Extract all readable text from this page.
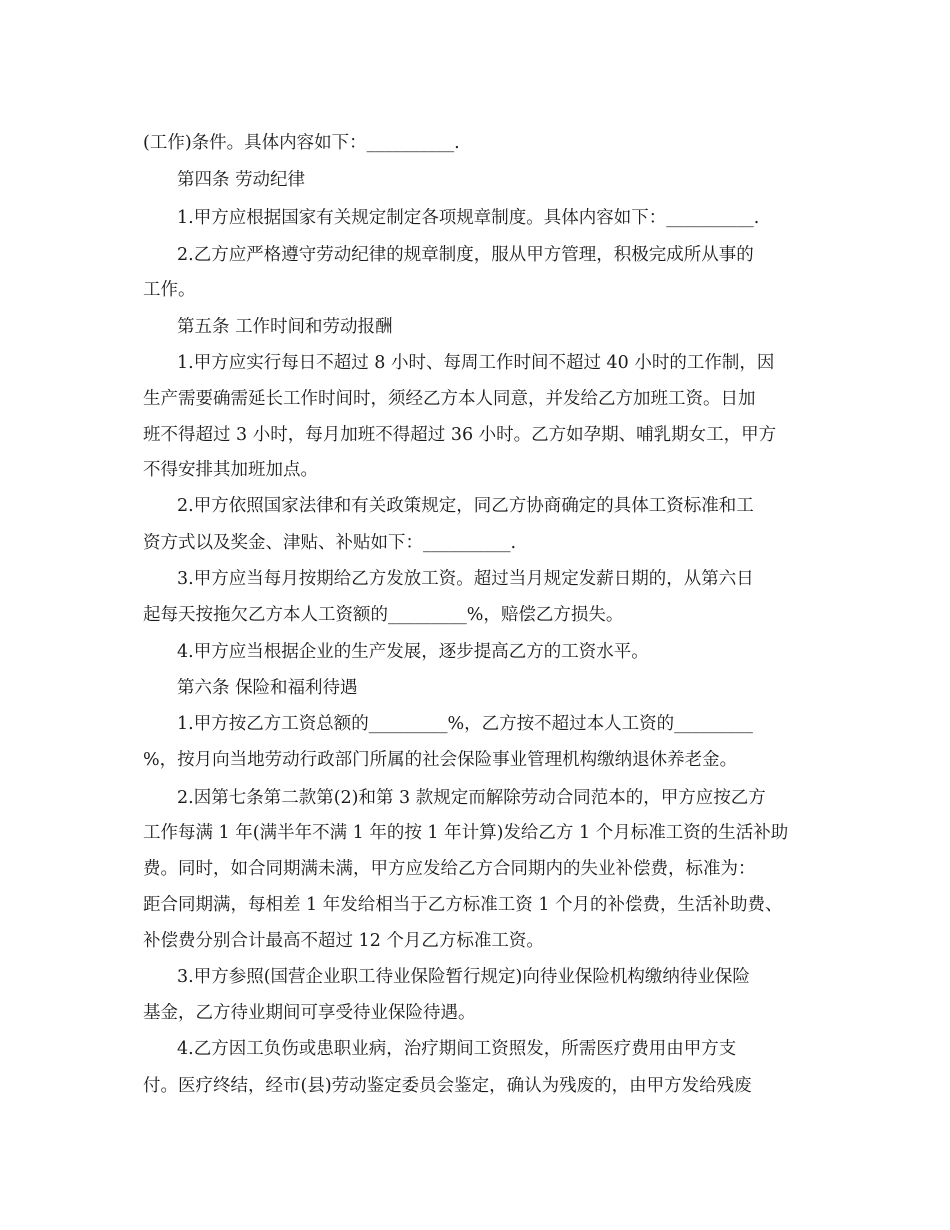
(工作)条件。具体内容如下：__________.
第四条 劳动纪律
1.甲方应根据国家有关规定制定各项规章制度。具体内容如下：__________.
2.乙方应严格遵守劳动纪律的规章制度，服从甲方管理，积极完成所从事的
工作。
第五条 工作时间和劳动报酬
1.甲方应实行每日不超过 8 小时、每周工作时间不超过 40 小时的工作制，因
生产需要确需延长工作时间时，须经乙方本人同意，并发给乙方加班工资。日加
班不得超过 3 小时，每月加班不得超过 36 小时。乙方如孕期、哺乳期女工，甲方
不得安排其加班加点。
2.甲方依照国家法律和有关政策规定，同乙方协商确定的具体工资标准和工
资方式以及奖金、津贴、补贴如下：__________.
3.甲方应当每月按期给乙方发放工资。超过当月规定发薪日期的，从第六日
起每天按拖欠乙方本人工资额的_________%，赔偿乙方损失。
4.甲方应当根据企业的生产发展，逐步提高乙方的工资水平。
第六条 保险和福利待遇
1.甲方按乙方工资总额的_________%，乙方按不超过本人工资的_________
%，按月向当地劳动行政部门所属的社会保险事业管理机构缴纳退休养老金。
2.因第七条第二款第(2)和第 3 款规定而解除劳动合同范本的，甲方应按乙方
工作每满 1 年(满半年不满 1 年的按 1 年计算)发给乙方 1 个月标准工资的生活补助
费。同时，如合同期满未满，甲方应发给乙方合同期内的失业补偿费，标准为：
距合同期满，每相差 1 年发给相当于乙方标准工资 1 个月的补偿费，生活补助费、
补偿费分别合计最高不超过 12 个月乙方标准工资。
3.甲方参照(国营企业职工待业保险暂行规定)向待业保险机构缴纳待业保险
基金，乙方待业期间可享受待业保险待遇。
4.乙方因工负伤或患职业病，治疗期间工资照发，所需医疗费用由甲方支
付。医疗终结，经市(县)劳动鉴定委员会鉴定，确认为残废的，由甲方发给残废
